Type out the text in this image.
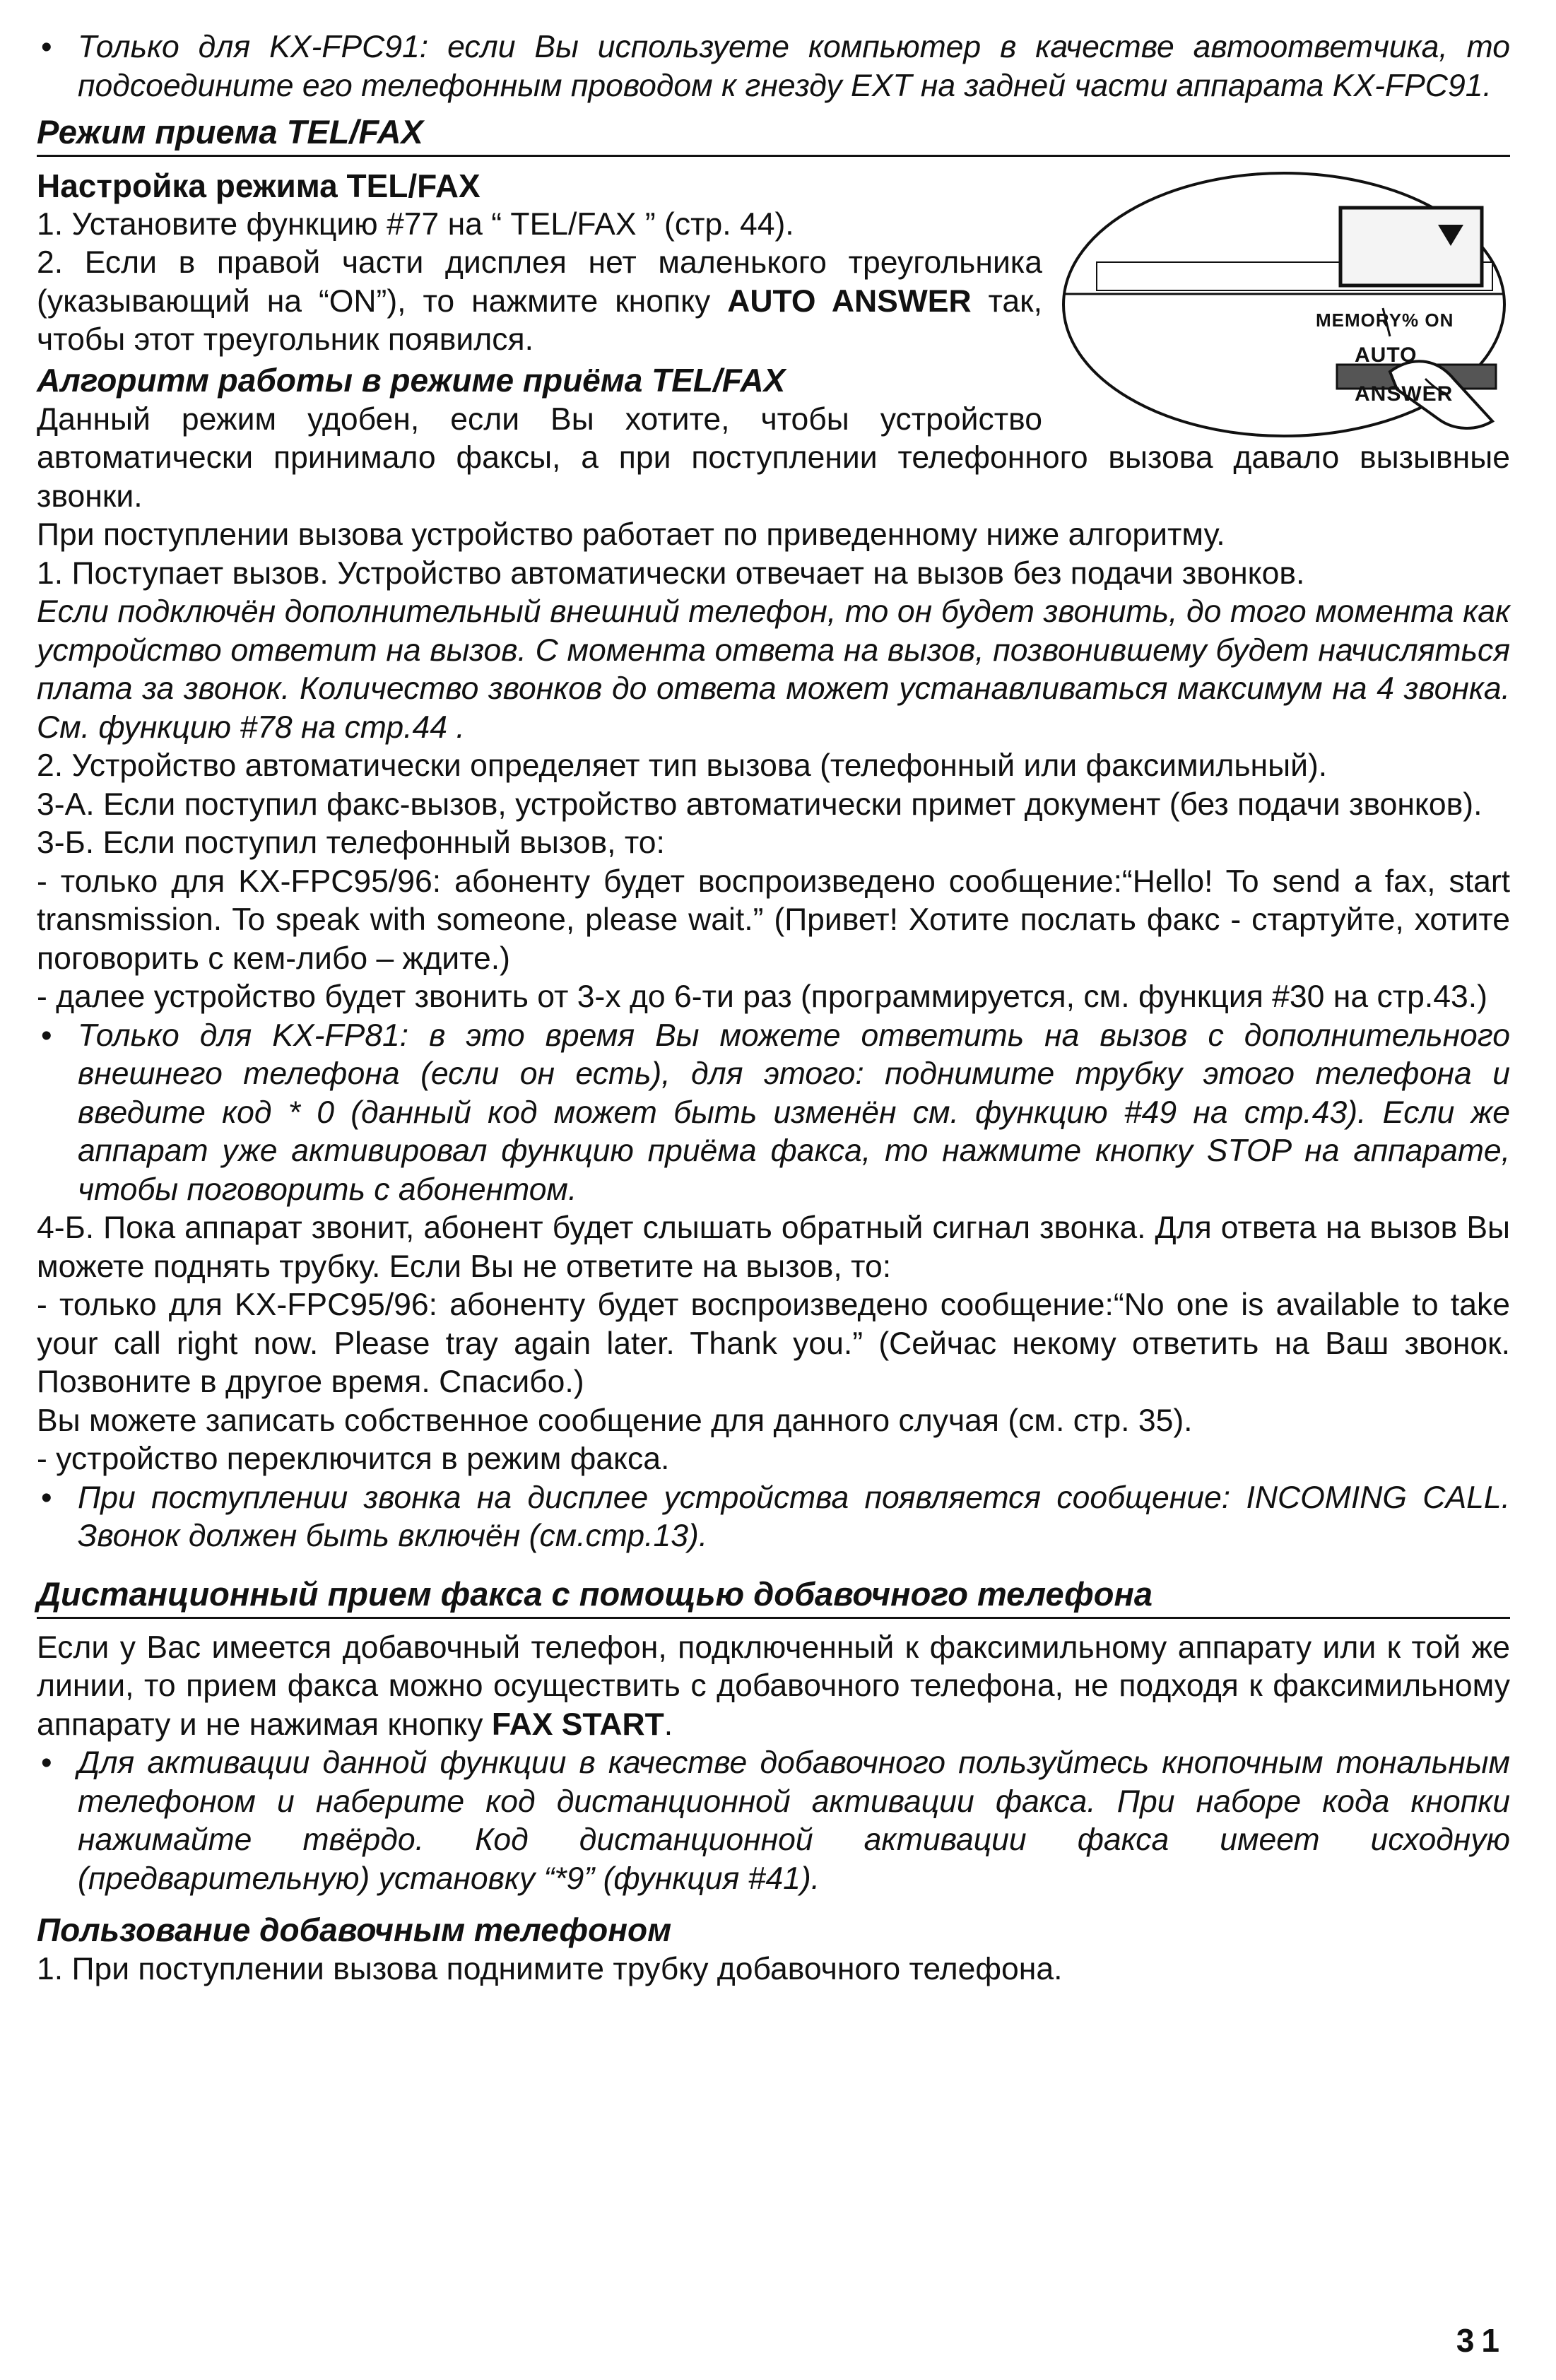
• Только для KX-FPC91: если Вы используете компьютер в качестве автоответчика, то подсоедините его телефонным проводом к гнезду EXT на задней части аппарата KX-FPC91.

Режим приема TEL/FAX
MEMORY% ON
AUTO ANSWER

Настройка режима TEL/FAX

1. Установите функцию #77 на “ TEL/FAX ” (стр. 44).

2. Если в правой части дисплея нет маленького треугольника (указывающий на “ON”), то нажмите кнопку AUTO ANSWER так, чтобы этот треугольник появился.

Алгоритм работы в режиме приёма TEL/FAX

Данный режим удобен, если Вы хотите, чтобы устройство автоматически принимало факсы, а при поступлении телефонного вызова давало вызывные звонки.

При поступлении вызова устройство работает по приведенному ниже алгоритму.

1. Поступает вызов. Устройство автоматически отвечает на вызов без подачи звонков.

Если подключён дополнительный внешний телефон, то он будет звонить, до того момента как устройство ответит на вызов. С момента ответа на вызов, позвонившему будет начисляться плата за звонок. Количество звонков до ответа может устанавливаться максимум на 4 звонка. См. функцию #78 на стр.44 .

2. Устройство автоматически определяет тип вызова (телефонный или факсимильный).

3-А. Если поступил факс-вызов, устройство автоматически примет документ (без подачи звонков).

3-Б. Если поступил телефонный вызов, то:

- только для KX-FPC95/96: абоненту будет воспроизведено сообщение:“Hello! To send a fax, start transmission. To speak with someone, please wait.” (Привет! Хотите послать факс - стартуйте, хотите поговорить с кем-либо – ждите.)

- далее устройство будет звонить от 3-х до 6-ти раз (программируется, см. функция #30 на стр.43.)

• Только для KX-FP81: в это время Вы можете ответить на вызов с дополнительного внешнего телефона (если он есть), для этого: поднимите трубку этого телефона и введите код * 0 (данный код может быть изменён см. функцию #49 на стр.43). Если же аппарат уже активировал функцию приёма факса, то нажмите кнопку STOP на аппарате, чтобы поговорить с абонентом.

4-Б. Пока аппарат звонит, абонент будет слышать обратный сигнал звонка. Для ответа на вызов Вы можете поднять трубку. Если Вы не ответите на вызов, то:

- только для KX-FPC95/96: абоненту будет воспроизведено сообщение:“No one is available to take your call right now. Please tray again later. Thank you.” (Сейчас некому ответить на Ваш звонок. Позвоните в другое время. Спасибо.)

Вы можете записать собственное сообщение для данного случая (см. стр. 35).

- устройство переключится в режим факса.

• При поступлении звонка на дисплее устройства появляется сообщение: INCOMING CALL. Звонок должен быть включён (см.стр.13).

Дистанционный прием факса с помощью добавочного телефона

Если у Вас имеется добавочный телефон, подключенный к факсимильному аппарату или к той же линии, то прием факса можно осуществить с добавочного телефона, не подходя к факсимильному аппарату и не нажимая кнопку FAX START.

• Для активации данной функции в качестве добавочного пользуйтесь кнопочным тональным телефоном и наберите код дистанционной активации факса. При наборе кода кнопки нажимайте твёрдо. Код дистанционной активации факса имеет исходную (предварительную) установку “*9” (функция #41).

Пользование добавочным телефоном

1. При поступлении вызова поднимите трубку добавочного телефона.

31
